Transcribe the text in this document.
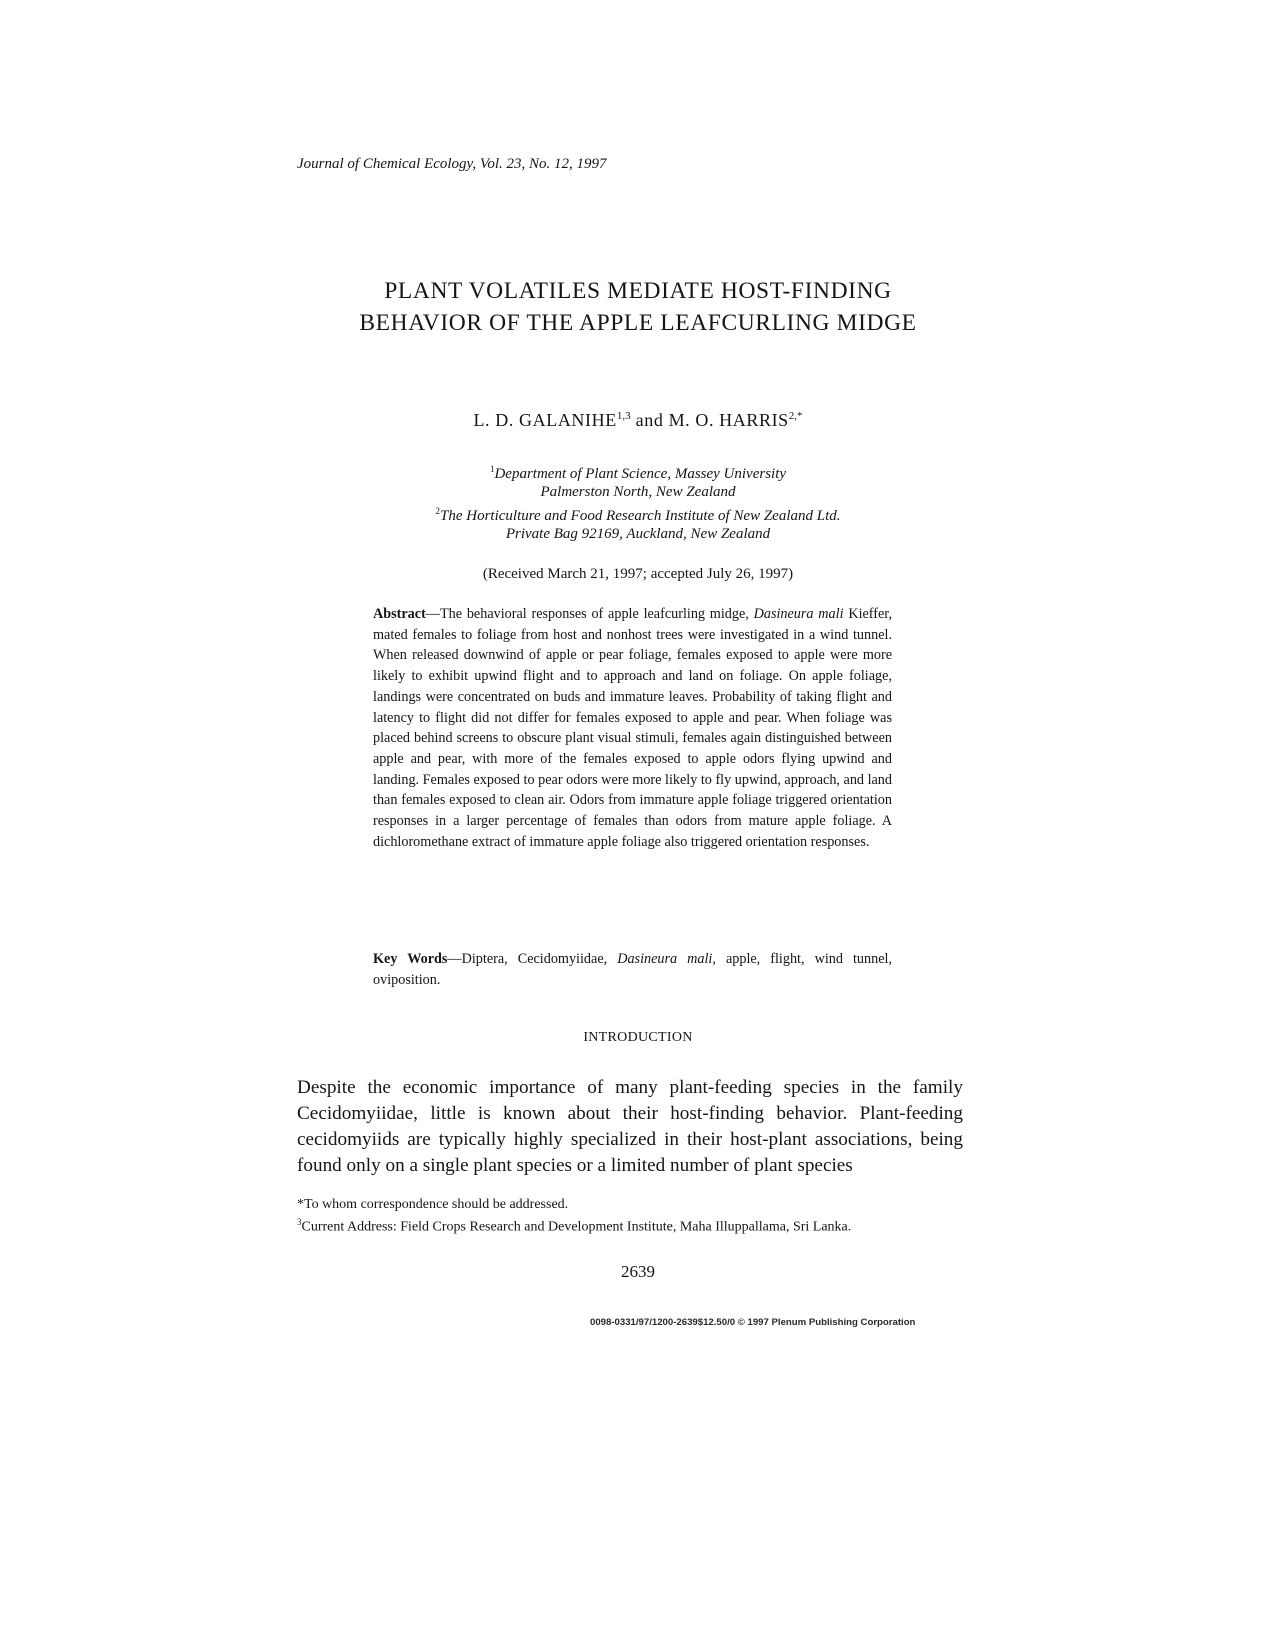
Journal of Chemical Ecology, Vol. 23, No. 12, 1997
PLANT VOLATILES MEDIATE HOST-FINDING
BEHAVIOR OF THE APPLE LEAFCURLING MIDGE
L. D. GALANIHE$^{1,3}$ and M. O. $HARRIS^{2,*}$
$^1$Department of Plant Science, Massey University
Palmerston North, New Zealand
$^2$The Horticulture and Food Research Institute of New Zealand Ltd.
Private Bag 92169, Auckland, New Zealand
(Received March 21, 1997; accepted July 26, 1997)
Abstract—The behavioral responses of apple leafcurling midge, Dasineura mali Kieffer, mated females to foliage from host and nonhost trees were investigated in a wind tunnel. When released downwind of apple or pear foliage, females exposed to apple were more likely to exhibit upwind flight and to approach and land on foliage. On apple foliage, landings were concentrated on buds and immature leaves. Probability of taking flight and latency to flight did not differ for females exposed to apple and pear. When foliage was placed behind screens to obscure plant visual stimuli, females again distinguished between apple and pear, with more of the females exposed to apple odors flying upwind and landing. Females exposed to pear odors were more likely to fly upwind, approach, and land than females exposed to clean air. Odors from immature apple foliage triggered orientation responses in a larger percentage of females than odors from mature apple foliage. A dichloromethane extract of immature apple foliage also triggered orientation responses.
Key Words—Diptera, Cecidomyiidae, Dasineura mali, apple, flight, wind tunnel, oviposition.
INTRODUCTION
Despite the economic importance of many plant-feeding species in the family Cecidomyiidae, little is known about their host-finding behavior. Plant-feeding cecidomyiids are typically highly specialized in their host-plant associations, being found only on a single plant species or a limited number of plant species
*To whom correspondence should be addressed.
$^3$Current Address: Field Crops Research and Development Institute, Maha Illuppallama, Sri Lanka.
2639
0098-0331/97/1200-2639$12.50/0 © 1997 Plenum Publishing Corporation
